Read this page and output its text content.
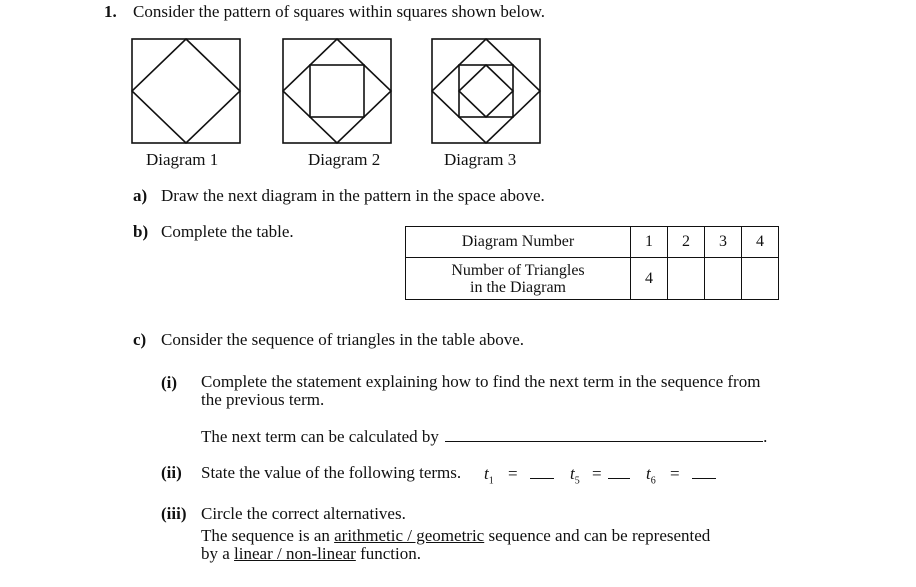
1. Consider the pattern of squares within squares shown below.
Diagram 1	Diagram 2	Diagram 3
a) Draw the next diagram in the pattern in the space above.
b) Complete the table.
Diagram Number	1	2	3	4

Number of Triangles
in the Diagram	4			
c) Consider the sequence of triangles in the table above.
(i) Complete the statement explaining how to find the next term in the sequence from
the previous term.
The next term can be calculated by	.
(ii) State the value of the following terms. $t_1$ =	$t_5$ =	$t_6$ =
(iii) Circle the correct alternatives.
The sequence is an arithmetic / geometric sequence and can be represented
by a linear / non-linear function.
